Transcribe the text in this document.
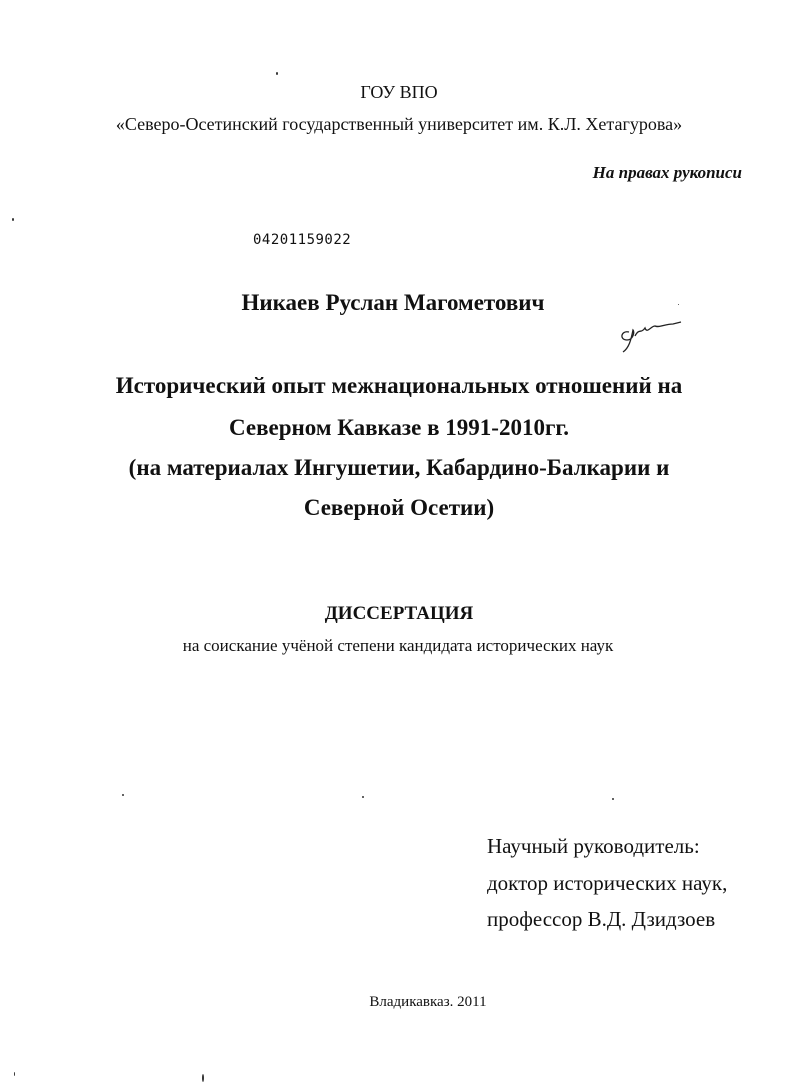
ГОУ ВПО
«Северо-Осетинский государственный университет им. К.Л. Хетагурова»
На правах рукописи
04201159022
Никаев Руслан Магометович
Исторический опыт межнациональных отношений на
Северном Кавказе в 1991-2010гг.
(на материалах Ингушетии, Кабардино-Балкарии и
Северной Осетии)
ДИССЕРТАЦИЯ
на соискание учёной степени кандидата исторических наук
Научный руководитель:
доктор исторических наук,
профессор В.Д. Дзидзоев
Владикавказ. 2011
